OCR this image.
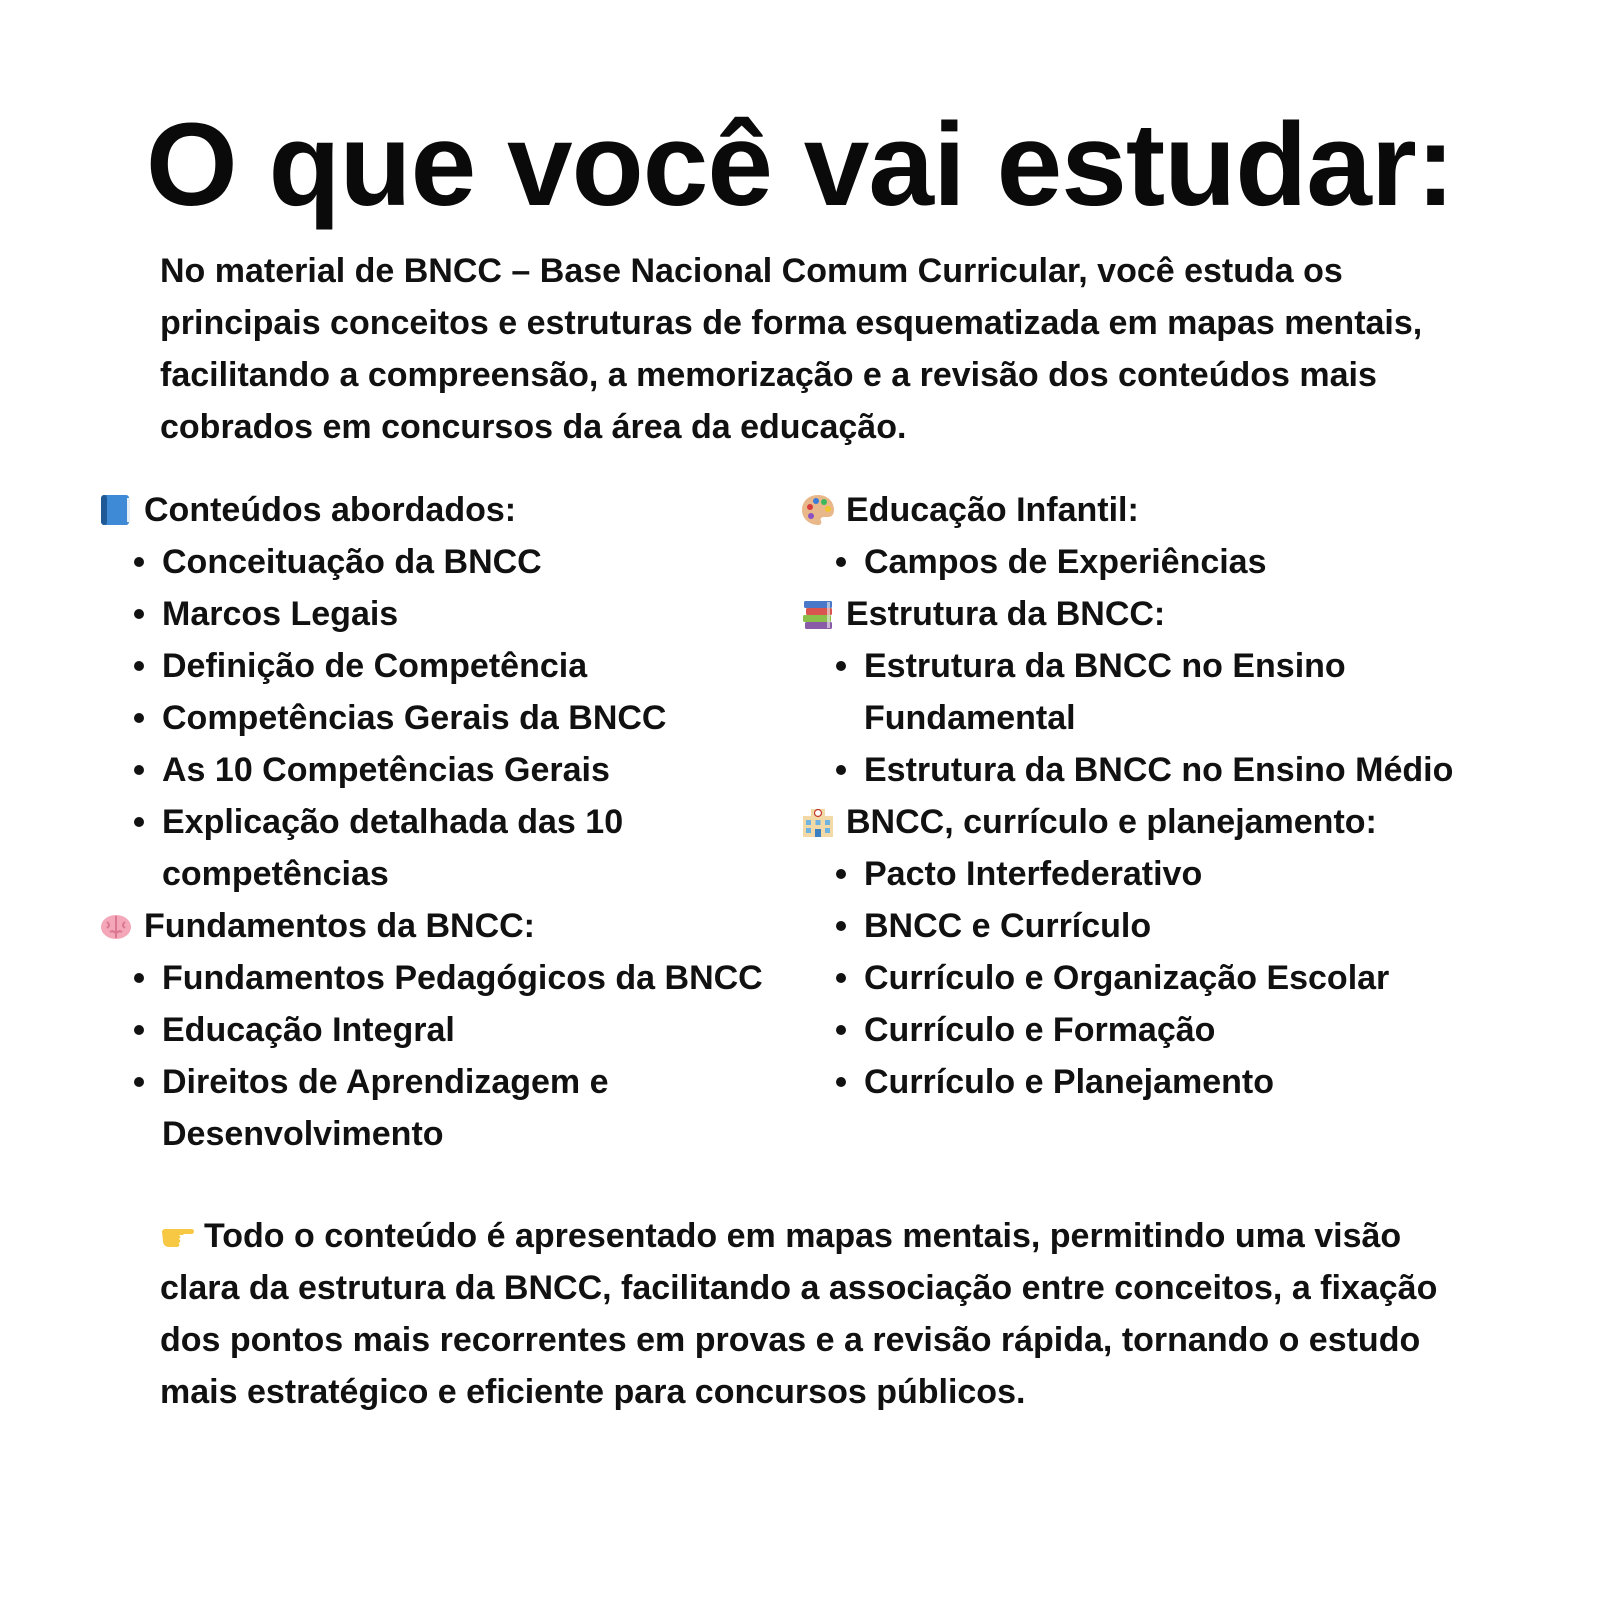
O que você vai estudar:

No material de BNCC – Base Nacional Comum Curricular, você estuda os principais conceitos e estruturas de forma esquematizada em mapas mentais, facilitando a compreensão, a memorização e a revisão dos conteúdos mais cobrados em concursos da área da educação.

Conteúdos abordados:
Conceituação da BNCC
Marcos Legais
Definição de Competência
Competências Gerais da BNCC
As 10 Competências Gerais
Explicação detalhada das 10 competências
Fundamentos da BNCC:
Fundamentos Pedagógicos da BNCC
Educação Integral
Direitos de Aprendizagem e Desenvolvimento
Educação Infantil:
Campos de Experiências
Estrutura da BNCC:
Estrutura da BNCC no Ensino Fundamental
Estrutura da BNCC no Ensino Médio
BNCC, currículo e planejamento:
Pacto Interfederativo
BNCC e Currículo
Currículo e Organização Escolar
Currículo e Formação
Currículo e Planejamento

Todo o conteúdo é apresentado em mapas mentais, permitindo uma visão clara da estrutura da BNCC, facilitando a associação entre conceitos, a fixação dos pontos mais recorrentes em provas e a revisão rápida, tornando o estudo mais estratégico e eficiente para concursos públicos.
